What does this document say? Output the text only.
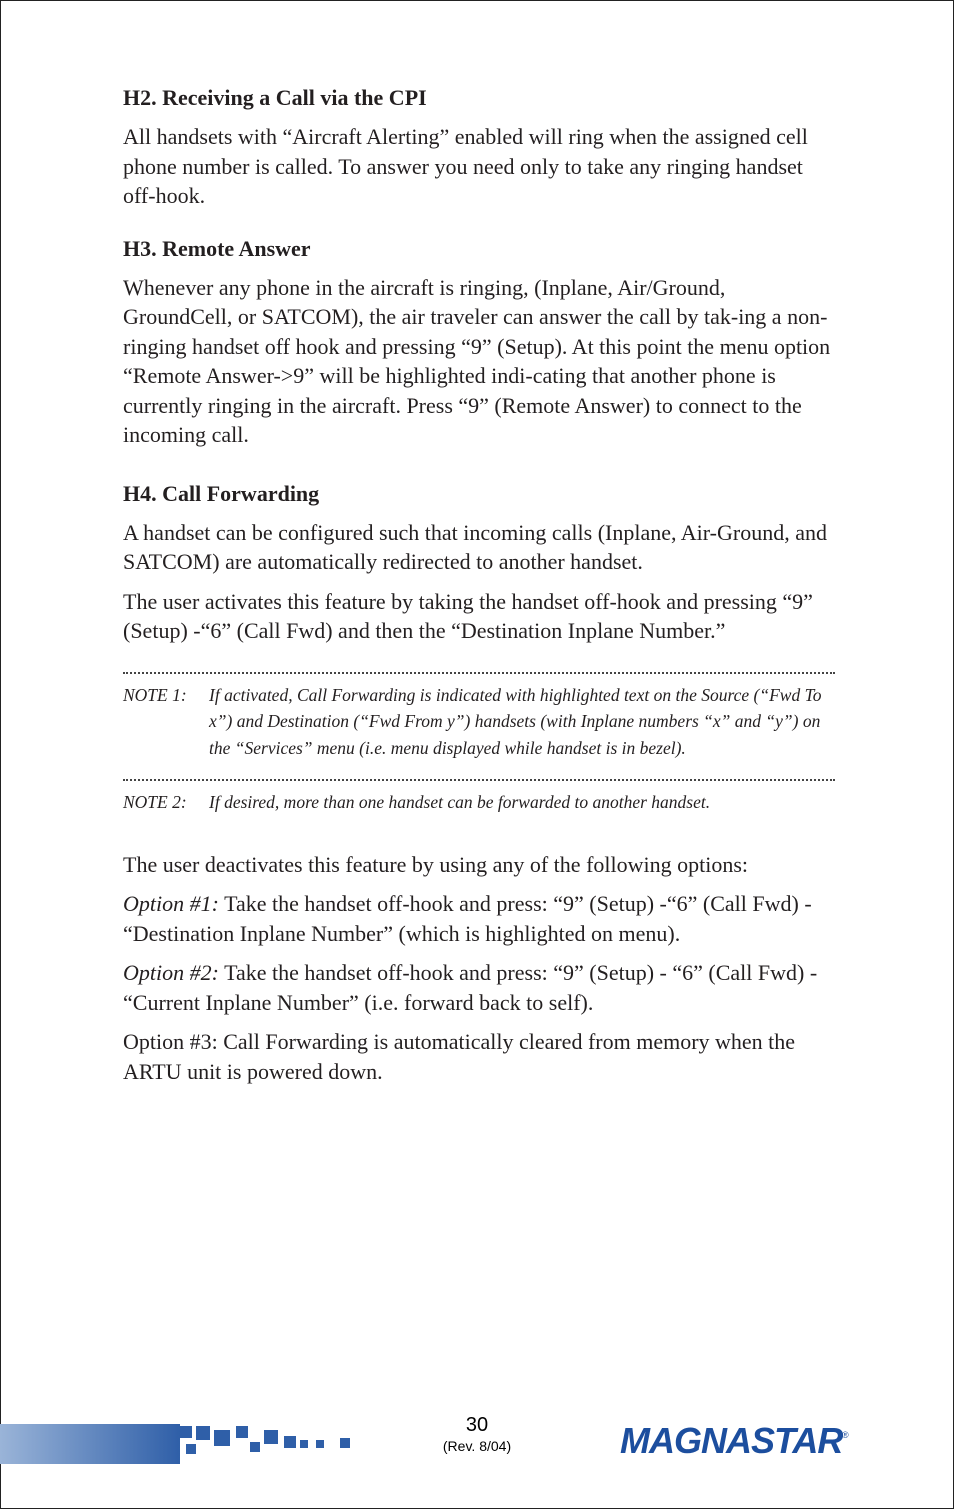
H2. Receiving a Call via the CPI

All handsets with “Aircraft Alerting” enabled will ring when the assigned cell phone number is called. To answer you need only to take any ringing handset off-hook.

H3. Remote Answer

Whenever any phone in the aircraft is ringing, (Inplane, Air/Ground, GroundCell, or SATCOM), the air traveler can answer the call by tak-ing a non-ringing handset off hook and pressing “9” (Setup). At this point the menu option “Remote Answer->9” will be highlighted indi-cating that another phone is currently ringing in the aircraft. Press “9” (Remote Answer) to connect to the incoming call.

H4. Call Forwarding

A handset can be configured such that incoming calls (Inplane, Air-Ground, and SATCOM) are automatically redirected to another handset.

The user activates this feature by taking the handset off-hook and pressing “9” (Setup) -“6” (Call Fwd) and then the “Destination Inplane Number.”

NOTE 1:	If activated, Call Forwarding is indicated with highlighted text on the Source (“Fwd To x”) and Destination (“Fwd From y”) handsets (with Inplane numbers “x” and “y”) on the “Services” menu (i.e. menu displayed while handset is in bezel).
NOTE 2:	If desired, more than one handset can be forwarded to another handset.

The user deactivates this feature by using any of the following options:

Option #1: Take the handset off-hook and press: “9” (Setup) -“6” (Call Fwd) - “Destination Inplane Number” (which is highlighted on menu).

Option #2: Take the handset off-hook and press: “9” (Setup) - “6” (Call Fwd) - “Current Inplane Number” (i.e. forward back to self).

Option #3: Call Forwarding is automatically cleared from memory when the ARTU unit is powered down.

30
(Rev. 8/04)	MAGNASTAR ®
